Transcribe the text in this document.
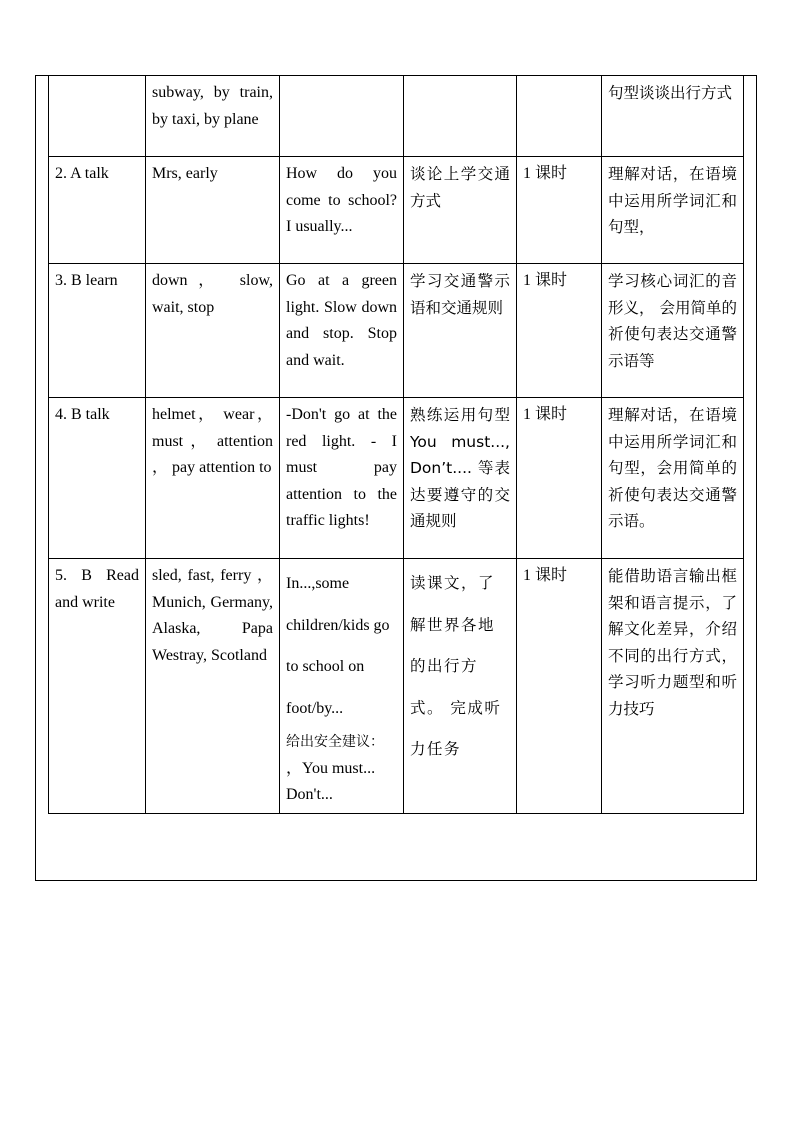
	subway, by train, by taxi, by plane				句型谈谈出行方式

2. A talk	Mrs, early	How do you come to school? I usually...	谈论上学交通方式	1 课时	理解对话，在语境中运用所学词汇和句型，

3. B learn	down， slow, wait, stop	Go at a green light. Slow down and stop. Stop and wait.	学习交通警示语和交通规则	1 课时	学习核心词汇的音形义， 会用简单的祈使句表达交通警示语等

4. B talk	helmet， wear， must ， attention ， pay attention to	-Don't go at the red light. - I must pay attention to the traffic lights!	熟练运用句型 You must..., Don’t.... 等表达要遵守的交通规则	1 课时	理解对话，在语境中运用所学词汇和句型，会用简单的祈使句表达交通警示语。

5. B Read and write	sled, fast, ferry ， Munich, Germany, Alaska, Papa Westray, Scotland	In...,some children/kids go to school on foot/by...
给出安全建议：
，You must... Don't...	读课文，了解世界各地的出行方式。 完成听力任务	1 课时	能借助语言输出框架和语言提示，了解文化差异，介绍不同的出行方式，学习听力题型和听力技巧
